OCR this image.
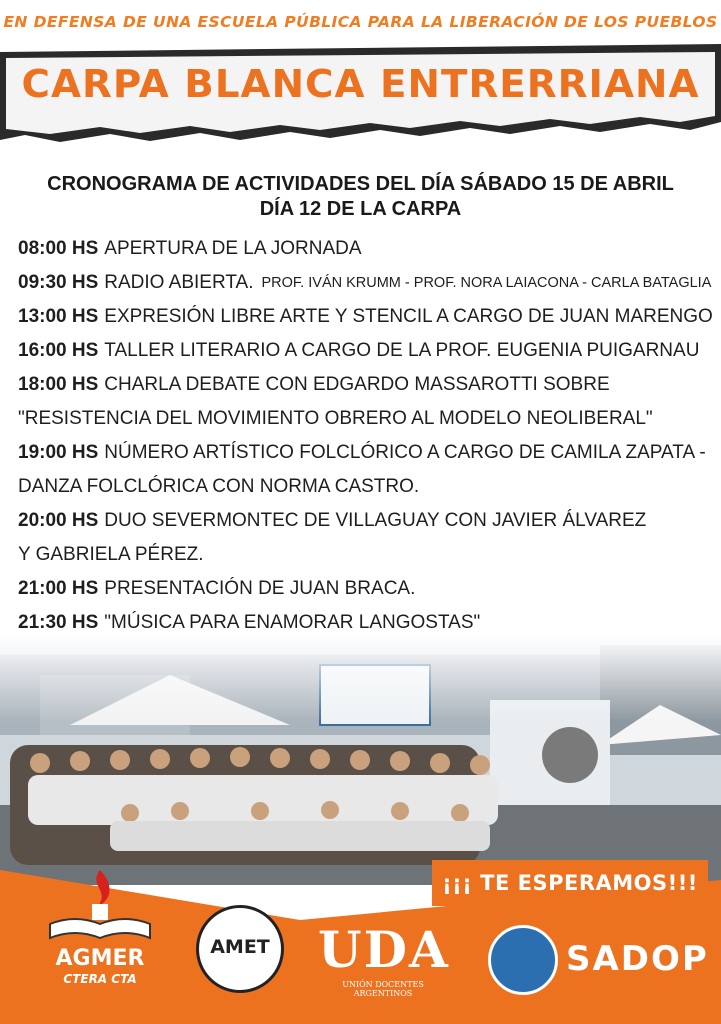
EN DEFENSA DE UNA ESCUELA PÚBLICA PARA LA LIBERACIÓN DE LOS PUEBLOS
CARPA BLANCA ENTRERRIANA
CRONOGRAMA DE ACTIVIDADES DEL DÍA SÁBADO 15 DE ABRIL
DÍA 12 DE LA CARPA
08:00 HS APERTURA DE LA JORNADA
09:30 HS RADIO ABIERTA. PROF. IVÁN KRUMM - PROF. NORA LAIACONA - CARLA BATAGLIA
13:00 HS EXPRESIÓN LIBRE ARTE Y STENCIL A CARGO DE JUAN MARENGO
16:00 HS TALLER LITERARIO A CARGO DE LA PROF. EUGENIA PUIGARNAU
18:00 HS CHARLA DEBATE CON EDGARDO MASSAROTTI SOBRE
"RESISTENCIA DEL MOVIMIENTO OBRERO AL MODELO NEOLIBERAL"
19:00 HS NÚMERO ARTÍSTICO FOLCLÓRICO A CARGO DE CAMILA ZAPATA -
DANZA FOLCLÓRICA CON NORMA CASTRO.
20:00 HS DUO SEVERMONTEC DE VILLAGUAY CON JAVIER ÁLVAREZ
Y GABRIELA PÉREZ.
21:00 HS PRESENTACIÓN DE JUAN BRACA.
21:30 HS "MÚSICA PARA ENAMORAR LANGOSTAS"
¡¡¡ TE ESPERAMOS!!!
AGMER
CTERA CTA
AMET UDA
UNIÓN DOCENTES ARGENTINOS
SADOP
